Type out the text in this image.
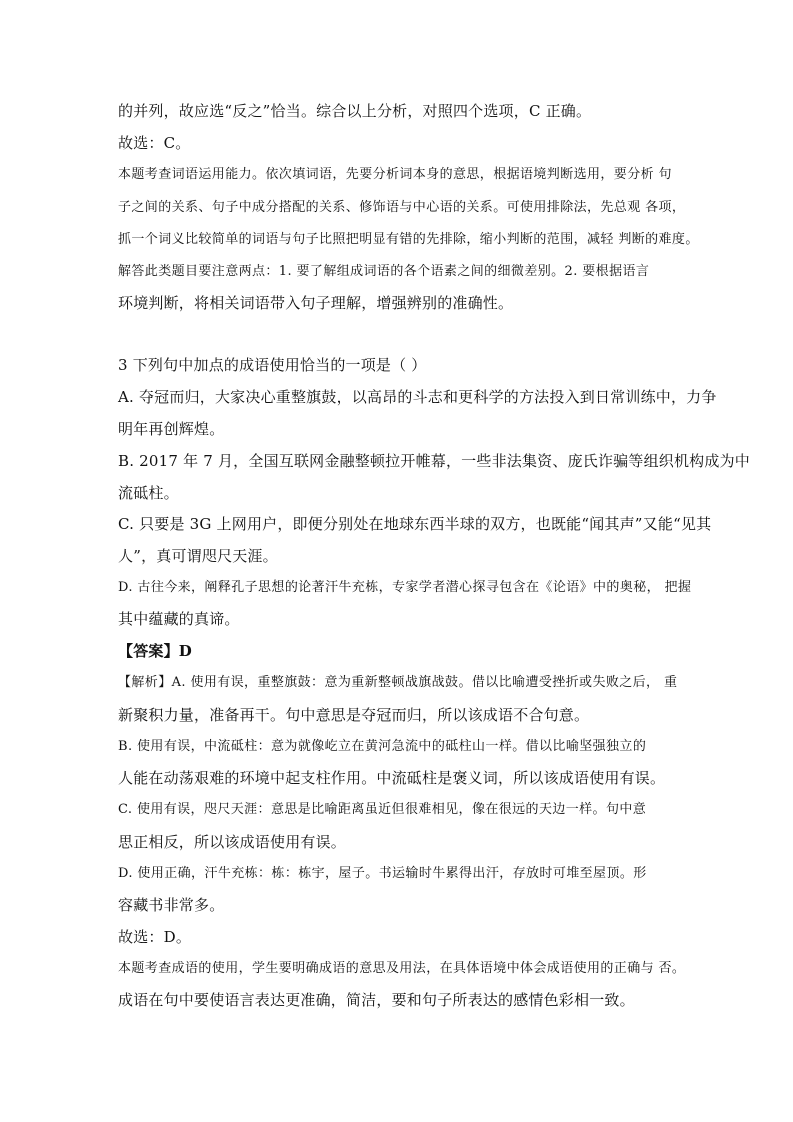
的并列，故应选“反之”恰当。综合以上分析，对照四个选项，C 正确。
故选：C。
本题考查词语运用能力。依次填词语，先要分析词本身的意思，根据语境判断选用，要分析 句
子之间的关系、句子中成分搭配的关系、修饰语与中心语的关系。可使用排除法，先总观 各项，
抓一个词义比较简单的词语与句子比照把明显有错的先排除，缩小判断的范围，减轻 判断的难度。
解答此类题目要注意两点：1. 要了解组成词语的各个语素之间的细微差别。2. 要根据语言
环境判断，将相关词语带入句子理解，增强辨别的准确性。
3 下列句中加点的成语使用恰当的一项是（ ）
A. 夺冠而归，大家决心重整旗鼓，以高昂的斗志和更科学的方法投入到日常训练中，力争
明年再创辉煌。
B. 2017 年 7 月，全国互联网金融整顿拉开帷幕，一些非法集资、庞氏诈骗等组织机构成为中
流砥柱。
C. 只要是 3G 上网用户，即便分别处在地球东西半球的双方，也既能“闻其声”又能“见其
人”，真可谓咫尺天涯。
D. 古往今来，阐释孔子思想的论著汗牛充栋，专家学者潜心探寻包含在《论语》中的奥秘， 把握
其中蕴藏的真谛。
【答案】D
【解析】A. 使用有误，重整旗鼓：意为重新整顿战旗战鼓。借以比喻遭受挫折或失败之后， 重
新聚积力量，准备再干。句中意思是夺冠而归，所以该成语不合句意。
B. 使用有误，中流砥柱：意为就像屹立在黄河急流中的砥柱山一样。借以比喻坚强独立的
人能在动荡艰难的环境中起支柱作用。中流砥柱是褒义词，所以该成语使用有误。
C. 使用有误，咫尺天涯：意思是比喻距离虽近但很难相见，像在很远的天边一样。句中意
思正相反，所以该成语使用有误。
D. 使用正确，汗牛充栋：栋：栋宇，屋子。书运输时牛累得出汗，存放时可堆至屋顶。形
容藏书非常多。
故选：D。
本题考查成语的使用，学生要明确成语的意思及用法，在具体语境中体会成语使用的正确与 否。
成语在句中要使语言表达更准确，简洁，要和句子所表达的感情色彩相一致。
